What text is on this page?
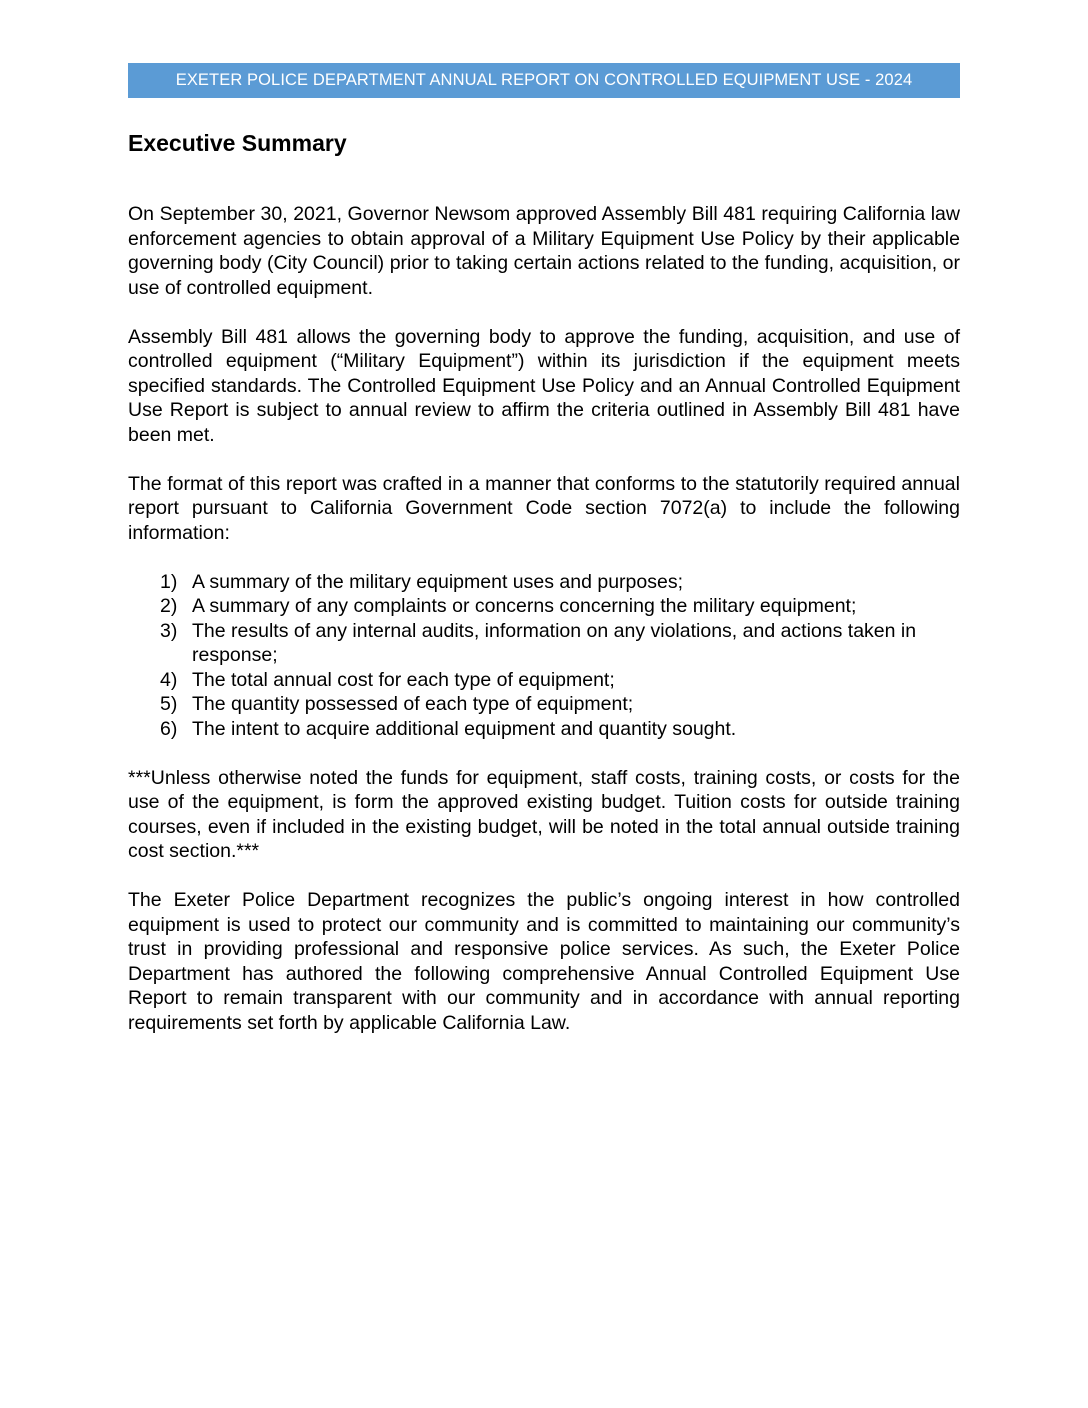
EXETER POLICE DEPARTMENT ANNUAL REPORT ON CONTROLLED EQUIPMENT USE - 2024
Executive Summary

On September 30, 2021, Governor Newsom approved Assembly Bill 481 requiring California law enforcement agencies to obtain approval of a Military Equipment Use Policy by their applicable governing body (City Council) prior to taking certain actions related to the funding, acquisition, or use of controlled equipment.

Assembly Bill 481 allows the governing body to approve the funding, acquisition, and use of controlled equipment (“Military Equipment”) within its jurisdiction if the equipment meets specified standards. The Controlled Equipment Use Policy and an Annual Controlled Equipment Use Report is subject to annual review to affirm the criteria outlined in Assembly Bill 481 have been met.

The format of this report was crafted in a manner that conforms to the statutorily required annual report pursuant to California Government Code section 7072(a) to include the following information:

1) A summary of the military equipment uses and purposes;
2) A summary of any complaints or concerns concerning the military equipment;
3) The results of any internal audits, information on any violations, and actions taken in response;
4) The total annual cost for each type of equipment;
5) The quantity possessed of each type of equipment;
6) The intent to acquire additional equipment and quantity sought.

***Unless otherwise noted the funds for equipment, staff costs, training costs, or costs for the use of the equipment, is form the approved existing budget. Tuition costs for outside training courses, even if included in the existing budget, will be noted in the total annual outside training cost section.***

The Exeter Police Department recognizes the public’s ongoing interest in how controlled equipment is used to protect our community and is committed to maintaining our community’s trust in providing professional and responsive police services. As such, the Exeter Police Department has authored the following comprehensive Annual Controlled Equipment Use Report to remain transparent with our community and in accordance with annual reporting requirements set forth by applicable California Law.
